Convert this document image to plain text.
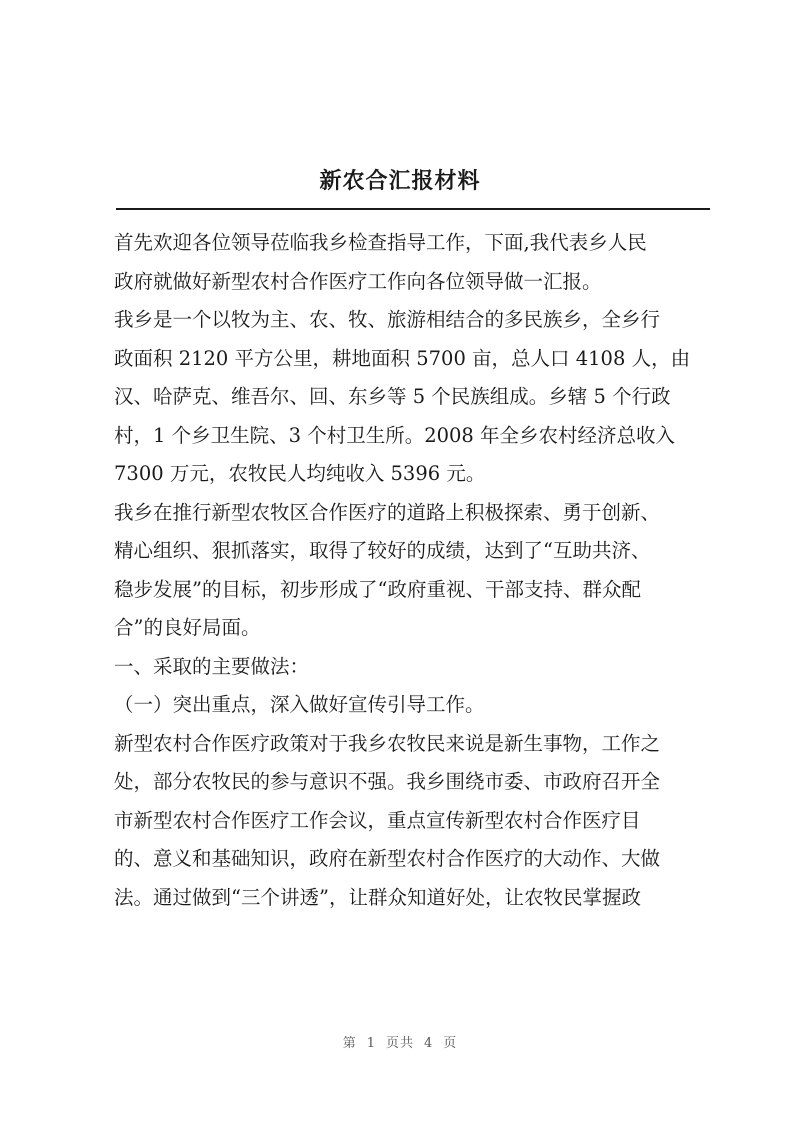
新农合汇报材料
首先欢迎各位领导莅临我乡检查指导工作，下面,我代表乡人民
政府就做好新型农村合作医疗工作向各位领导做一汇报。
我乡是一个以牧为主、农、牧、旅游相结合的多民族乡，全乡行
政面积 2120 平方公里，耕地面积 5700 亩，总人口 4108 人，由
汉、哈萨克、维吾尔、回、东乡等 5 个民族组成。乡辖 5 个行政
村，1 个乡卫生院、3 个村卫生所。2008 年全乡农村经济总收入
7300 万元，农牧民人均纯收入 5396 元。
我乡在推行新型农牧区合作医疗的道路上积极探索、勇于创新、
精心组织、狠抓落实，取得了较好的成绩，达到了“互助共济、
稳步发展”的目标，初步形成了“政府重视、干部支持、群众配
合”的良好局面。
一、采取的主要做法：
（一）突出重点，深入做好宣传引导工作。
新型农村合作医疗政策对于我乡农牧民来说是新生事物，工作之
处，部分农牧民的参与意识不强。我乡围绕市委、市政府召开全
市新型农村合作医疗工作会议，重点宣传新型农村合作医疗目
的、意义和基础知识，政府在新型农村合作医疗的大动作、大做
法。通过做到“三个讲透”，让群众知道好处，让农牧民掌握政
第 1 页共 4 页
